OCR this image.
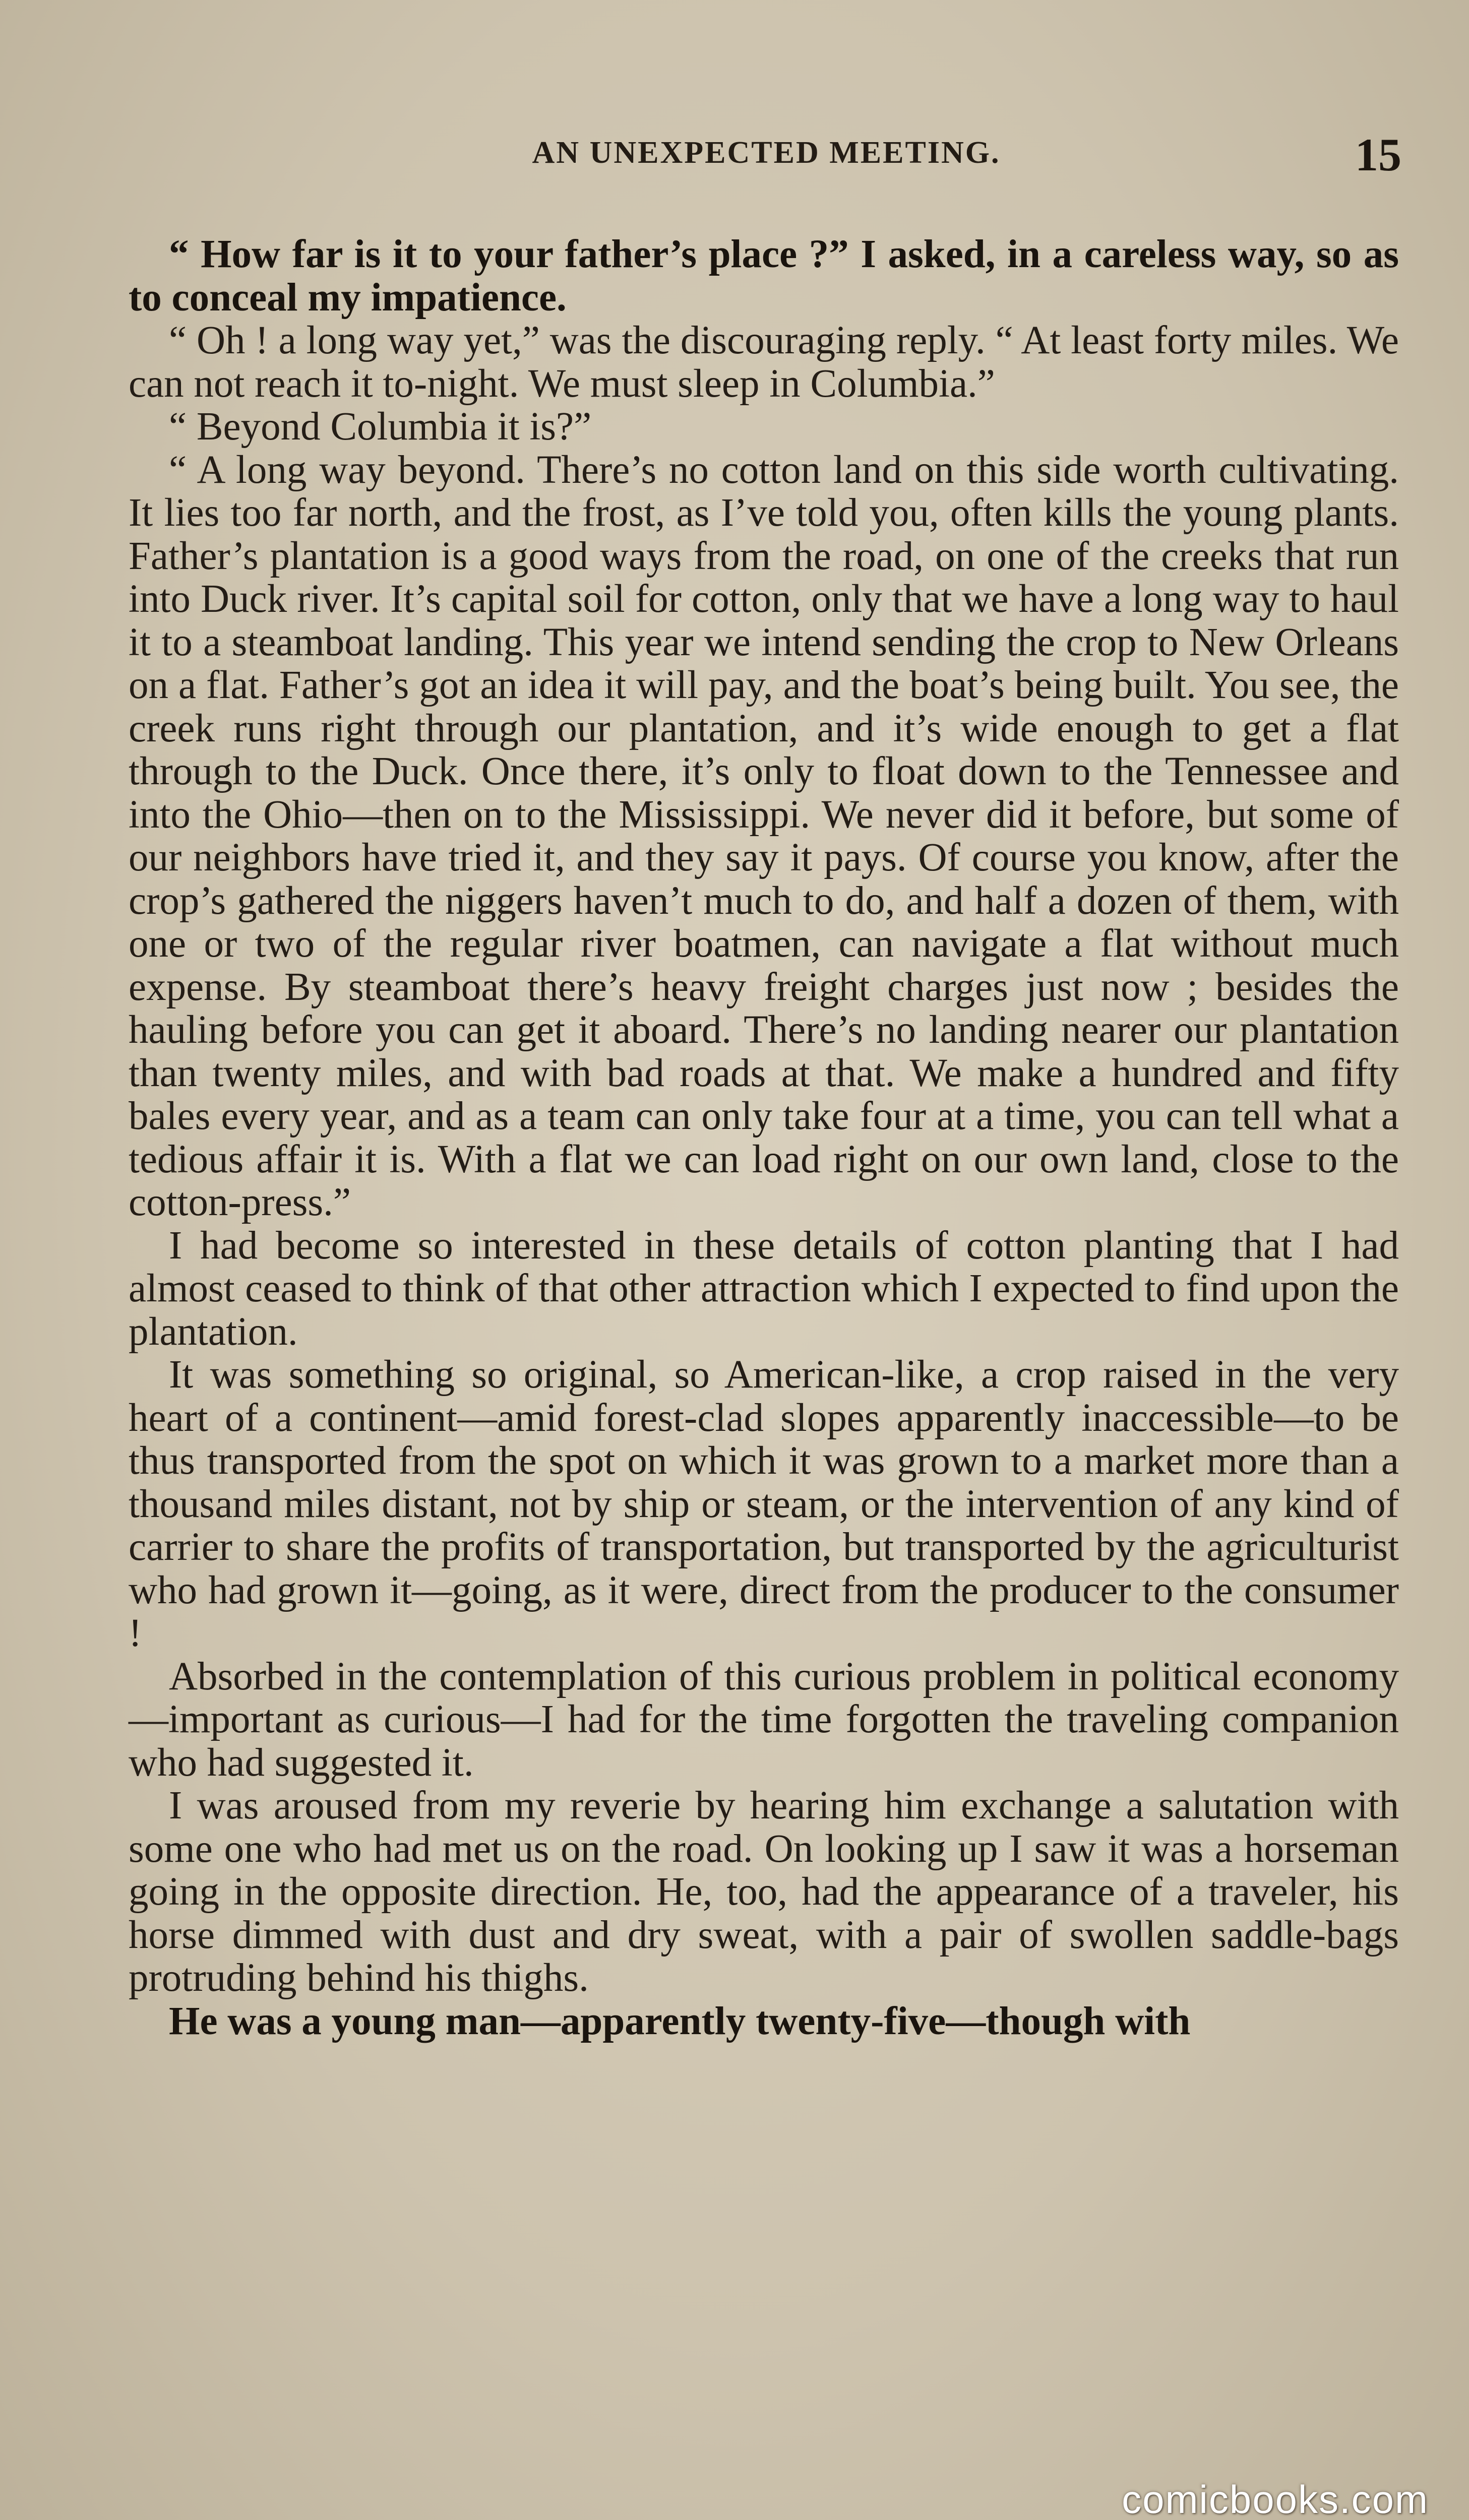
AN UNEXPECTED MEETING.	15

“ How far is it to your father’s place ?” I asked, in a careless way, so as to conceal my impatience.

“ Oh ! a long way yet,” was the discouraging reply. “ At least forty miles. We can not reach it to-night. We must sleep in Columbia.”

“ Beyond Columbia it is?”

“ A long way beyond. There’s no cotton land on this side worth cultivating. It lies too far north, and the frost, as I’ve told you, often kills the young plants. Father’s plantation is a good ways from the road, on one of the creeks that run into Duck river. It’s capital soil for cotton, only that we have a long way to haul it to a steamboat landing. This year we intend sending the crop to New Orleans on a flat. Father’s got an idea it will pay, and the boat’s being built. You see, the creek runs right through our plantation, and it’s wide enough to get a flat through to the Duck. Once there, it’s only to float down to the Tennessee and into the Ohio—then on to the Mississippi. We never did it before, but some of our neighbors have tried it, and they say it pays. Of course you know, after the crop’s gathered the niggers haven’t much to do, and half a dozen of them, with one or two of the regular river boatmen, can navigate a flat without much expense. By steamboat there’s heavy freight charges just now ; besides the hauling before you can get it aboard. There’s no landing nearer our plantation than twenty miles, and with bad roads at that. We make a hundred and fifty bales every year, and as a team can only take four at a time, you can tell what a tedious affair it is. With a flat we can load right on our own land, close to the cotton-press.”

I had become so interested in these details of cotton planting that I had almost ceased to think of that other attraction which I expected to find upon the plantation.

It was something so original, so American-like, a crop raised in the very heart of a continent—amid forest-clad slopes apparently inaccessible—to be thus transported from the spot on which it was grown to a market more than a thousand miles distant, not by ship or steam, or the intervention of any kind of carrier to share the profits of transportation, but transported by the agriculturist who had grown it—going, as it were, direct from the producer to the consumer !

Absorbed in the contemplation of this curious problem in political economy—important as curious—I had for the time forgotten the traveling companion who had suggested it.

I was aroused from my reverie by hearing him exchange a salutation with some one who had met us on the road. On looking up I saw it was a horseman going in the opposite direction. He, too, had the appearance of a traveler, his horse dimmed with dust and dry sweat, with a pair of swollen saddle-bags protruding behind his thighs.

He was a young man—apparently twenty-five—though with

comicbooks.com
